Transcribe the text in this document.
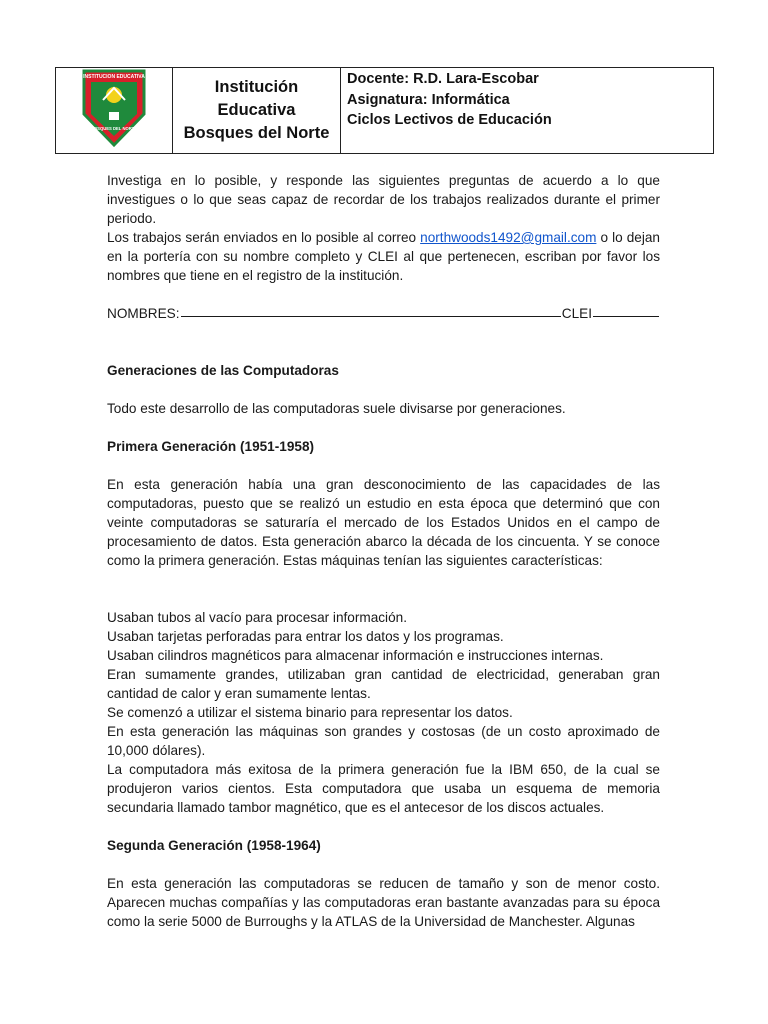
INSTITUCION EDUCATIVA
BOSQUES DEL NORTE

Institución
Educativa
Bosques del Norte

Docente: R.D. Lara-Escobar
Asignatura: Informática
Ciclos Lectivos de Educación

Investiga en lo posible, y responde las siguientes preguntas de acuerdo a lo que investigues o lo que seas capaz de recordar de los trabajos realizados durante el primer periodo.

Los trabajos serán enviados en lo posible al correo northwoods1492@gmail.com o lo dejan en la portería con su nombre completo y CLEI al que pertenecen, escriban por favor los nombres que tiene en el registro de la institución.

NOMBRES:	CLEI

Generaciones de las Computadoras

Todo este desarrollo de las computadoras suele divisarse por generaciones.

Primera Generación (1951-1958)

En esta generación había una gran desconocimiento de las capacidades de las computadoras, puesto que se realizó un estudio en esta época que determinó que con veinte computadoras se saturaría el mercado de los Estados Unidos en el campo de procesamiento de datos. Esta generación abarco la década de los cincuenta. Y se conoce como la primera generación. Estas máquinas tenían las siguientes características:

Usaban tubos al vacío para procesar información.

Usaban tarjetas perforadas para entrar los datos y los programas.

Usaban cilindros magnéticos para almacenar información e instrucciones internas.

Eran sumamente grandes, utilizaban gran cantidad de electricidad, generaban gran cantidad de calor y eran sumamente lentas.

Se comenzó a utilizar el sistema binario para representar los datos.

En esta generación las máquinas son grandes y costosas (de un costo aproximado de 10,000 dólares).

La computadora más exitosa de la primera generación fue la IBM 650, de la cual se produjeron varios cientos. Esta computadora que usaba un esquema de memoria secundaria llamado tambor magnético, que es el antecesor de los discos actuales.

Segunda Generación (1958-1964)

En esta generación las computadoras se reducen de tamaño y son de menor costo. Aparecen muchas compañías y las computadoras eran bastante avanzadas para su época como la serie 5000 de Burroughs y la ATLAS de la Universidad de Manchester. Algunas
